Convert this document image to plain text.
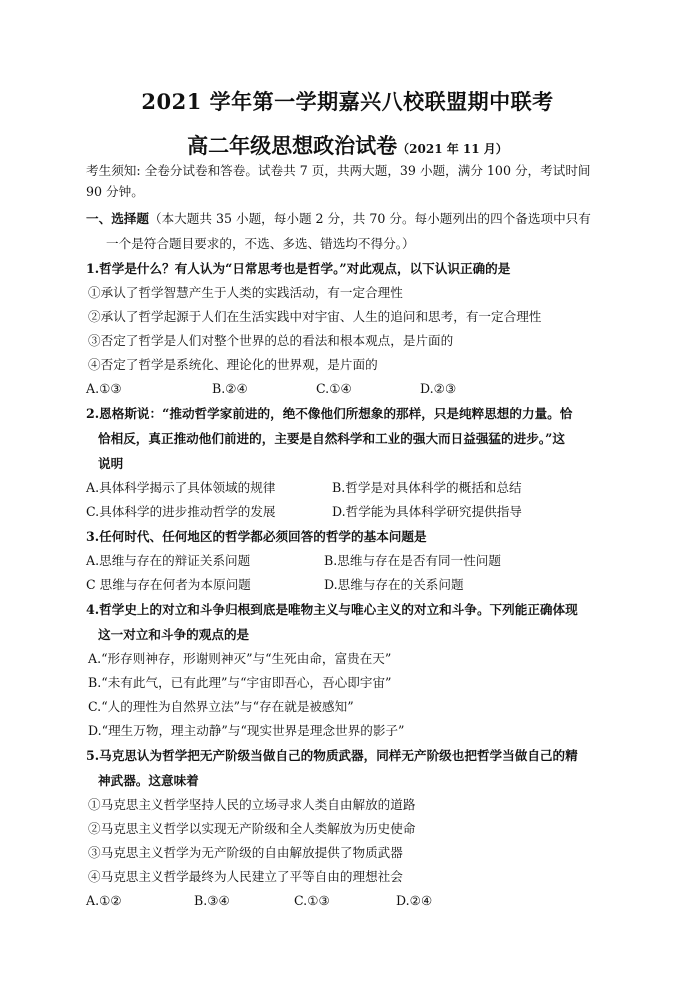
2021 学年第一学期嘉兴八校联盟期中联考
高二年级思想政治试卷（2021 年 11 月）
考生须知: 全卷分试卷和答卷。试卷共 7 页，共两大题，39 小题，满分 100 分，考试时间
90 分钟。
一、选择题（本大题共 35 小题，每小题 2 分，共 70 分。每小题列出的四个备选项中只有
一个是符合题目要求的，不选、多选、错选均不得分。）
1.哲学是什么？有人认为“日常思考也是哲学。”对此观点，以下认识正确的是
①承认了哲学智慧产生于人类的实践活动，有一定合理性
②承认了哲学起源于人们在生活实践中对宇宙、人生的追问和思考，有一定合理性
③否定了哲学是人们对整个世界的总的看法和根本观点，是片面的
④否定了哲学是系统化、理论化的世界观，是片面的
A.①③	B.②④	C.①④	D.②③
2.恩格斯说：“推动哲学家前进的，绝不像他们所想象的那样，只是纯粹思想的力量。恰
恰相反，真正推动他们前进的，主要是自然科学和工业的强大而日益强猛的进步。”这
说明
A.具体科学揭示了具体领域的规律	B.哲学是对具体科学的概括和总结
C.具体科学的进步推动哲学的发展	D.哲学能为具体科学研究提供指导
3.任何时代、任何地区的哲学都必须回答的哲学的基本问题是
A.思维与存在的辩证关系问题	B.思维与存在是否有同一性问题
C 思维与存在何者为本原问题	D.思维与存在的关系问题
4.哲学史上的对立和斗争归根到底是唯物主义与唯心主义的对立和斗争。下列能正确体现
这一对立和斗争的观点的是
A.“形存则神存，形谢则神灭”与“生死由命，富贵在天”
B.“未有此气，已有此理”与“宇宙即吾心，吾心即宇宙”
C.“人的理性为自然界立法”与“存在就是被感知”
D.“理生万物，理主动静”与“现实世界是理念世界的影子”
5.马克思认为哲学把无产阶级当做自己的物质武器，同样无产阶级也把哲学当做自己的精
神武器。这意味着
①马克思主义哲学坚持人民的立场寻求人类自由解放的道路
②马克思主义哲学以实现无产阶级和全人类解放为历史使命
③马克思主义哲学为无产阶级的自由解放提供了物质武器
④马克思主义哲学最终为人民建立了平等自由的理想社会
A.①②	B.③④	C.①③	D.②④
